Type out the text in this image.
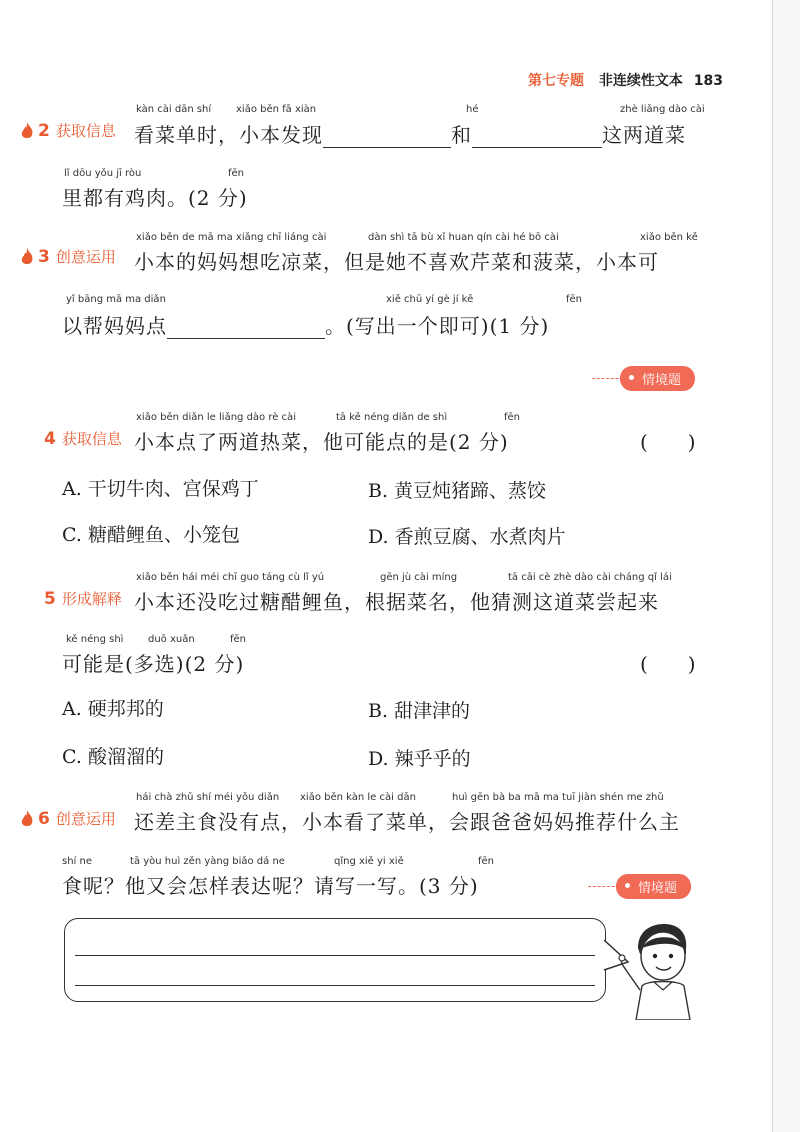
第七专题 非连续性文本 183
2 获取信息
kàn cài dān shí xiǎo běn fā xiàn	hé	zhè liǎng dào cài
看菜单时，小本发现	和	这两道菜
lǐ dōu yǒu jī ròu	fēn
里都有鸡肉。(2 分)
3 创意运用
xiǎo běn de mā ma xiǎng chī liáng cài	dàn shì tā bù xǐ huan qín cài hé bō cài	xiǎo běn kě
小本的妈妈想吃凉菜，但是她不喜欢芹菜和菠菜，小本可
yǐ bāng mā ma diǎn	xiě chū yí gè jí kě	fēn
以帮妈妈点	。(写出一个即可)(1 分)
情境题
4 获取信息
xiǎo běn diǎn le liǎng dào rè cài	tā kě néng diǎn de shì	fēn
小本点了两道热菜，他可能点的是(2 分)	(　　)
A. 干切牛肉、宫保鸡丁	B. 黄豆炖猪蹄、蒸饺
C. 糖醋鲤鱼、小笼包	D. 香煎豆腐、水煮肉片
5 形成解释
xiǎo běn hái méi chī guo táng cù lǐ yú	gēn jù cài míng	tā cāi cè zhè dào cài cháng qǐ lái
小本还没吃过糖醋鲤鱼，根据菜名，他猜测这道菜尝起来
kě néng shì duō xuǎn	fēn
可能是(多选)(2 分)	(　　)
A. 硬邦邦的	B. 甜津津的
C. 酸溜溜的	D. 辣乎乎的
6 创意运用
hái chà zhǔ shí méi yǒu diǎn xiǎo běn kàn le cài dān	huì gēn bà ba mā ma tuī jiàn shén me zhǔ
还差主食没有点，小本看了菜单，会跟爸爸妈妈推荐什么主
shí ne	tā yòu huì zěn yàng biǎo dá ne	qǐng xiě yi xiě	fēn
食呢？他又会怎样表达呢？请写一写。(3 分)	情境题
